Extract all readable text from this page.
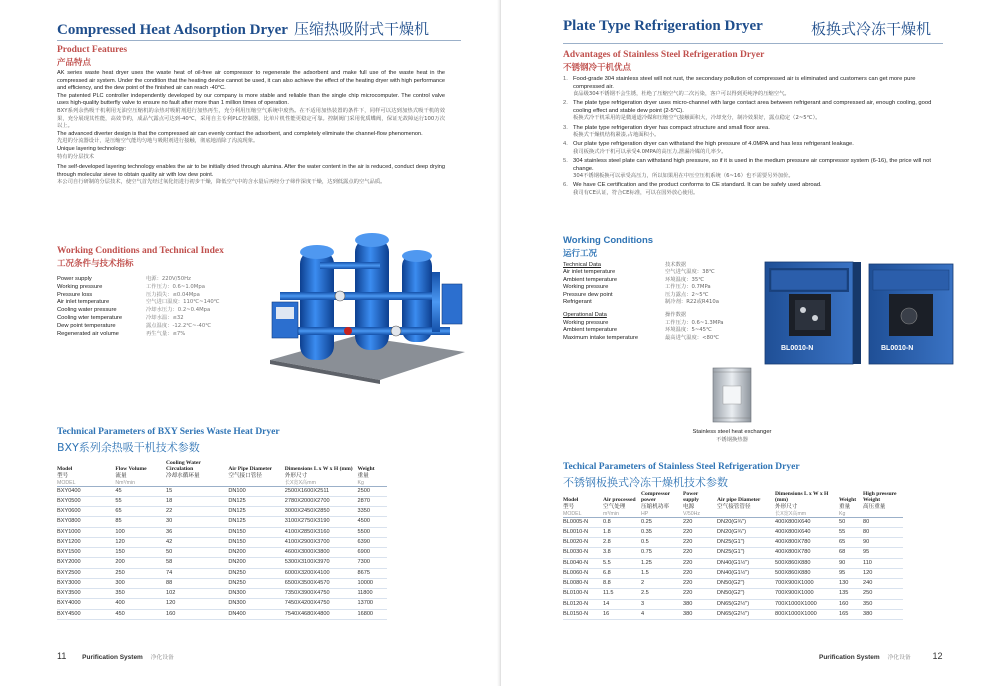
Compressed Heat Adsorption Dryer 压缩热吸附式干燥机
Product Features
产品特点
AK series waste heat dryer uses the waste heat of oil-free air compressor to regenerate the adsorbent and make full use of the waste heat in the compressed air system. Under the condition that the heating device cannot be used, it can also achieve the effect of the heating dryer with high performance and efficiency, and the dew point of the finished air can reach -40°C.
The patented PLC controller independently developed by our company is more stable and reliable than the single chip microcomputer. The control valve uses high-quality butterfly valve to ensure no fault after more than 1 million times of operation.
BXY系列余热吸干机利用无油空压缩机的余热对吸附剂进行加热再生，充分利用压缩空气系统中废热。在不适用加热装置的条件下，同样可以达到加热式吸干机的效果，充分展现其性能，高效节约，成品气露点可达到-40℃，采用自主专利PLC控制器，比单片机性能更稳定可靠。控制阀门采用优质蝶阀，保证无故障运行100万次以上。
The advanced diverter design is that the compressed air can evenly contact the adsorbent, and completely eliminate the channel-flow phenomenon.
先进的分流器设计，是压缩空气能均匀地与吸附剂进行接触，彻底地消除了沟流现象。
Unique layering technology:
特有的分层技术
The self-developed layering technology enables the air to be initially dried through alumina. After the water content in the air is reduced, conduct deep drying through molecular sieve to obtain quality air with low dew point.
本公司自行研制的分层技术，使空气首先经过氧化铝进行初步干燥，降低空气中的含水量后再经分子筛作深度干燥，达到低露点的空气品质。
Working Conditions and Technical Index
工况条件与技术指标
Power supply	电源：220V/50Hz
Working pressure	工作压力：0.6~1.0Mpa
Pressure loss	压力损失：≤0.04Mpa
Air inlet temperature	空气进口温度：110℃~140℃
Cooling water pressure	冷却水压力：0.2~0.4Mpa
Cooling wter temperature	冷却水温：≤32
Dew point temperature	露点温度：-12.2℃~-40℃
Regenerated air volume	再生气量：≤7%
Technical Parameters of BXY Series Waste Heat Dryer
BXY系列余热吸干机技术参数
Model	Flow Volume	Cooling Water Circulation	Air Pipe Diameter	Dimensions L x W x H (mm)	Weight
型号	流量	冷却水循环量	空气接口管径	外形尺寸	重量
MODEL	Nm³/min			长X宽X高mm	Kg
BXY0400	45	15	DN100	2500X1600X2511	2500
BXY0500	55	18	DN125	2780X2000X2700	2870
BXY0600	65	22	DN125	3000X2450X2850	3350
BXY0800	85	30	DN125	3100X2750X3190	4500
BXY1000	100	36	DN150	4100X2850X3160	5500
BXY1200	120	42	DN150	4100X2900X3700	6390
BXY1500	150	50	DN200	4600X3000X3800	6900
BXY2000	200	58	DN200	5300X3100X3970	7300
BXY2500	250	74	DN250	6000X3200X4100	8675
BXY3000	300	88	DN250	6500X3500X4570	10000
BXY3500	350	102	DN300	7350X3900X4750	11800
BXY4000	400	120	DN300	7450X4200X4750	13700
BXY4500	450	160	DN400	7540X4680X4800	16800
11 Purification System 净化设备
Plate Type Refrigeration Dryer	板换式冷冻干燥机
Advantages of Stainless Steel Refrigeration Dryer
不锈钢冷干机优点
1. Food-grade 304 stainless steel will not rust, the secondary pollution of compressed air is eliminated and customers can get more pure compressed air.
食品级304不锈钢不会生锈，杜绝了压缩空气的二次污染，客户可以得到更纯净的压缩空气。
2. The plate type refrigeration dryer uses micro-channel with large contact area between refrigerant and compressed air, enough cooling, good cooling effect and stable dew point (2-5°C).
板换式冷干机采用的是微通道冷媒和压缩空气接触面积大，冷却充分，制冷效果好，露点稳定（2~5℃）。
3. The plate type refrigeration dryer has compact structure and small floor area.
板换式干燥机结构紧凑,占地面积小。
4. Our plate type refrigeration dryer can withstand the high pressure of 4.0MPA and has less refrigerant leakage.
我司板换式冷干机可以承受4.0MPA的高压力,泄漏冷媒的几率少。
5. 304 stainless steel plate can withstand high pressure, so if it is used in the medium pressure air compressor system (6-16), the price will not change.
304不锈钢板换可以承受高压力，所以如果用在中压空压机系统（6~16）也不需要另外加价。
6. We have CE certification and the product conforms to CE standard. It can be safely used abroad.
我司有CE认证，符合CE标准，可以在国外放心使用。
Working Conditions
运行工况
Technical Data	技术数据
Air inlet temperature	空气进气温度：38℃
Ambient temperature	环境温度：35℃
Working pressure	工作压力：0.7MPa
Pressure dew point	压力露点：2~5℃
Refrigerant	制冷剂：R22或R410a
Operational Data	操作数据
Working pressure	工作压力：0.6~1.3MPa
Ambient temperature	环境温度：5~45℃
Maximum intake temperature	最高进气温度：<80℃
BL0010-N	BL0010-N
Stainless steel heat exchanger
不锈钢换热器
Techical Parameters of Stainless Steel Refrigeration Dryer
不锈钢板换式冷冻干燥机技术参数
Model	Air processed	Compressor power	Power supply	Air pipe Diameter	Dimensions L x W x H (mm)	Weight	High pressure Weight
型号	空气处理	压缩机功率	电源	空气接管管径	外形尺寸	重量	高压重量
MODEL	m³/min	HP	V/50Hz		长X宽X高mm	Kg	
BL0005-N	0.8	0.25	220	DN20(G¾")	400X800X640	50	80
BL0010-N	1.8	0.35	220	DN20(G¾")	400X800X640	55	80
BL0020-N	2.8	0.5	220	DN25(G1")	400X800X780	65	90
BL0030-N	3.8	0.75	220	DN25(G1")	400X800X780	68	95
BL0040-N	5.5	1.25	220	DN40(G1½")	500X860X880	90	110
BL0060-N	6.8	1.5	220	DN40(G1½")	500X860X880	95	120
BL0080-N	8.8	2	220	DN50(G2")	700X900X1000	130	240
BL0100-N	11.5	2.5	220	DN50(G2")	700X900X1000	135	250
BL0120-N	14	3	380	DN65(G2½")	700X1000X1000	160	350
BL0150-N	16	4	380	DN65(G2½")	800X1000X1000	165	380
Purification System 净化设备 12
